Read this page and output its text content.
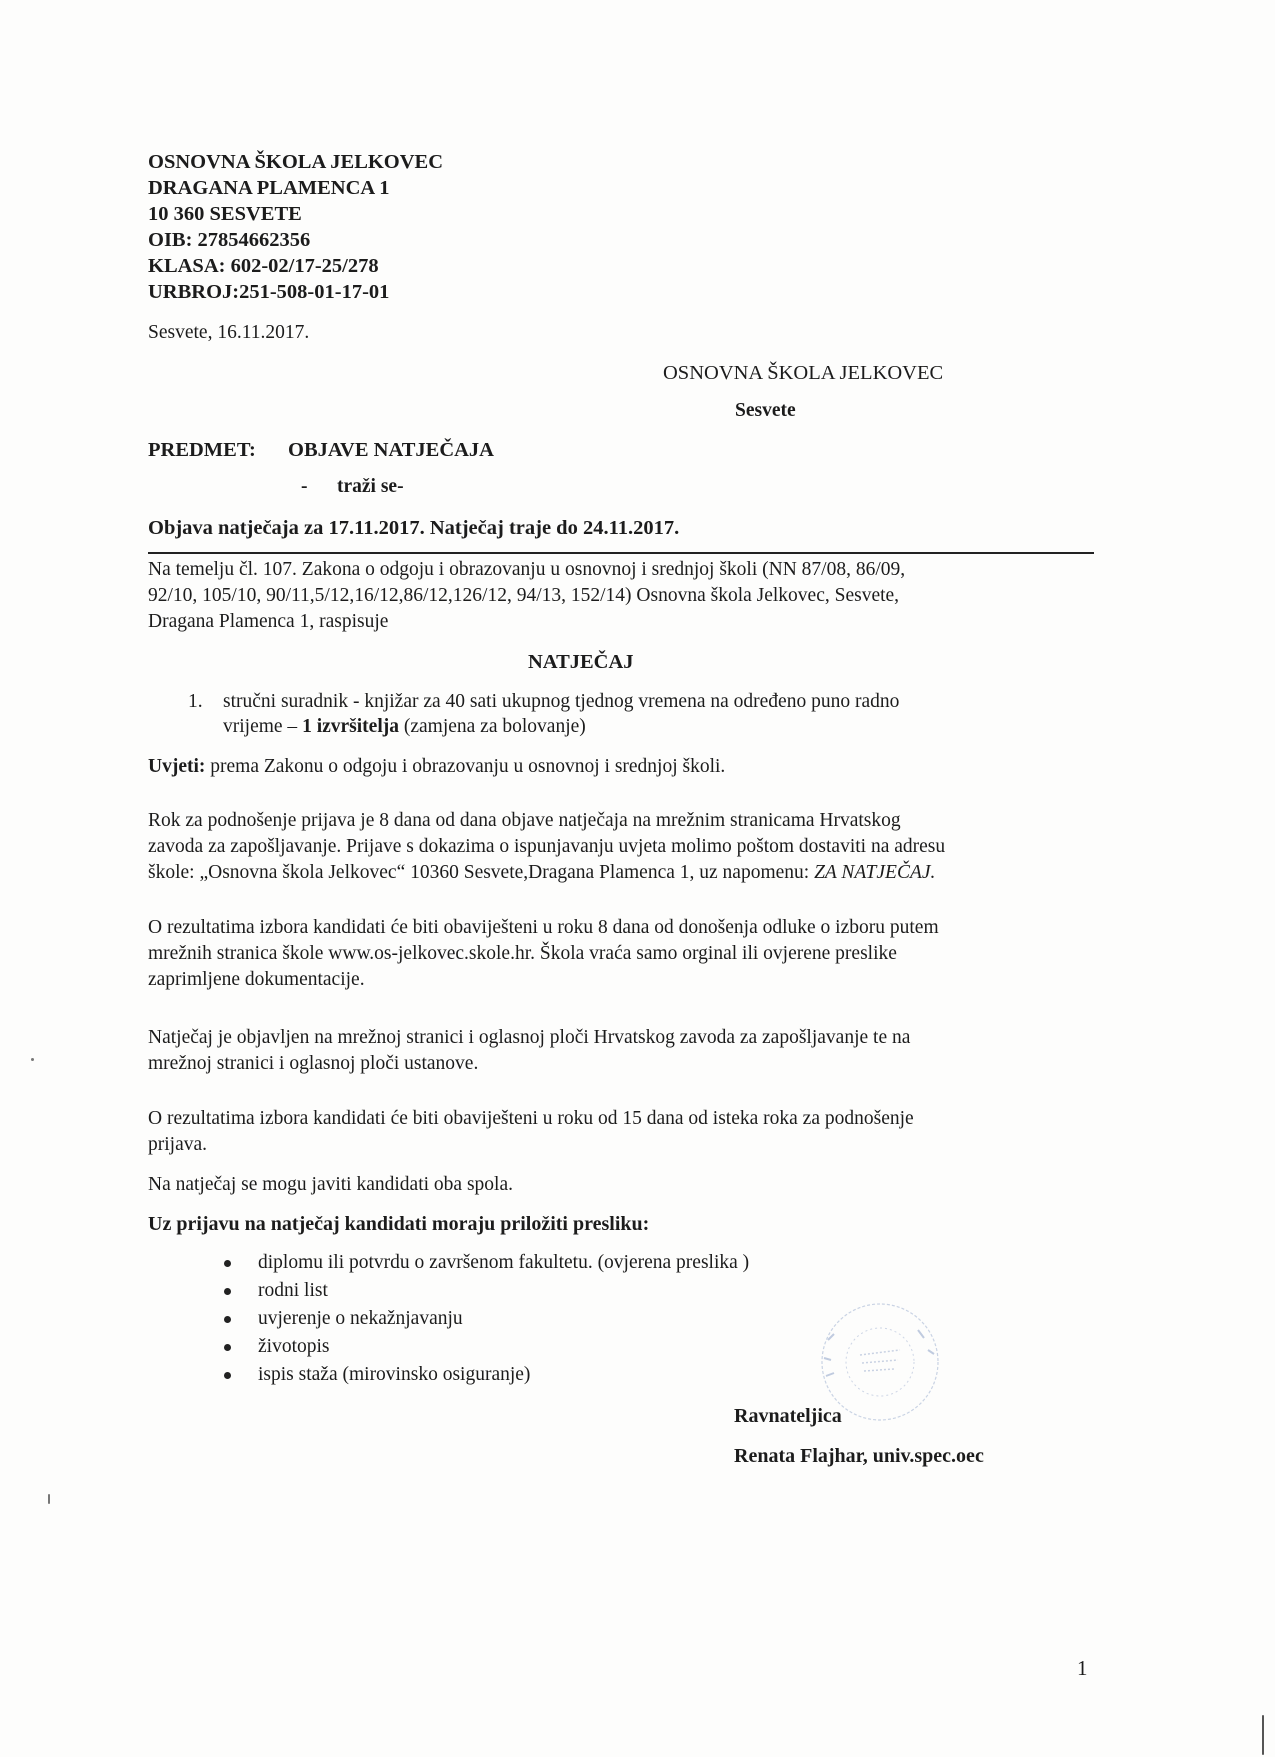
OSNOVNA ŠKOLA JELKOVEC
DRAGANA PLAMENCA 1
10 360 SESVETE
OIB: 27854662356
KLASA: 602-02/17-25/278
URBROJ:251-508-01-17-01
Sesvete, 16.11.2017.
OSNOVNA ŠKOLA JELKOVEC
Sesvete
PREDMET: OBJAVE NATJEČAJA
- traži se-
Objava natječaja za 17.11.2017. Natječaj traje do 24.11.2017.
Na temelju čl. 107. Zakona o odgoju i obrazovanju u osnovnoj i srednjoj školi (NN 87/08, 86/09,
92/10, 105/10, 90/11,5/12,16/12,86/12,126/12, 94/13, 152/14) Osnovna škola Jelkovec, Sesvete,
Dragana Plamenca 1, raspisuje
NATJEČAJ
1. stručni suradnik - knjižar za 40 sati ukupnog tjednog vremena na određeno puno radno
vrijeme – 1 izvršitelja (zamjena za bolovanje)
Uvjeti: prema Zakonu o odgoju i obrazovanju u osnovnoj i srednjoj školi.
Rok za podnošenje prijava je 8 dana od dana objave natječaja na mrežnim stranicama Hrvatskog
zavoda za zapošljavanje. Prijave s dokazima o ispunjavanju uvjeta molimo poštom dostaviti na adresu
škole: „Osnovna škola Jelkovec“ 10360 Sesvete,Dragana Plamenca 1, uz napomenu: ZA NATJEČAJ.
O rezultatima izbora kandidati će biti obaviješteni u roku 8 dana od donošenja odluke o izboru putem
mrežnih stranica škole www.os-jelkovec.skole.hr. Škola vraća samo orginal ili ovjerene preslike
zaprimljene dokumentacije.
Natječaj je objavljen na mrežnoj stranici i oglasnoj ploči Hrvatskog zavoda za zapošljavanje te na
mrežnoj stranici i oglasnoj ploči ustanove.
O rezultatima izbora kandidati će biti obaviješteni u roku od 15 dana od isteka roka za podnošenje
prijava.
Na natječaj se mogu javiti kandidati oba spola.
Uz prijavu na natječaj kandidati moraju priložiti presliku:
diplomu ili potvrdu o završenom fakultetu. (ovjerena preslika )
rodni list
uvjerenje o nekažnjavanju
životopis
ispis staža (mirovinsko osiguranje)
Ravnateljica
Renata Flajhar, univ.spec.oec
1
